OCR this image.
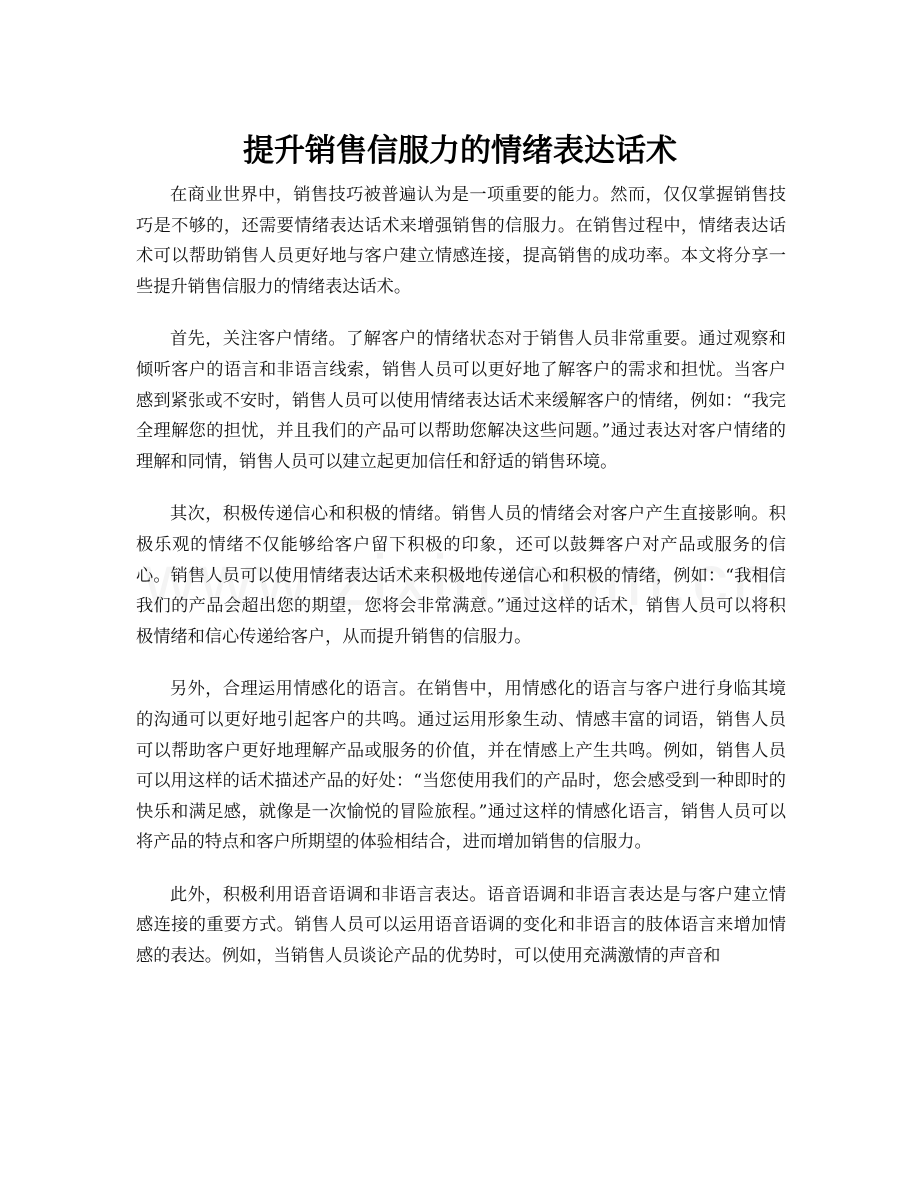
提升销售信服力的情绪表达话术

在商业世界中，销售技巧被普遍认为是一项重要的能力。然而，仅仅掌握销售技巧是不够的，还需要情绪表达话术来增强销售的信服力。在销售过程中，情绪表达话术可以帮助销售人员更好地与客户建立情感连接，提高销售的成功率。本文将分享一些提升销售信服力的情绪表达话术。

首先，关注客户情绪。了解客户的情绪状态对于销售人员非常重要。通过观察和倾听客户的语言和非语言线索，销售人员可以更好地了解客户的需求和担忧。当客户感到紧张或不安时，销售人员可以使用情绪表达话术来缓解客户的情绪，例如：“我完全理解您的担忧，并且我们的产品可以帮助您解决这些问题。”通过表达对客户情绪的理解和同情，销售人员可以建立起更加信任和舒适的销售环境。

其次，积极传递信心和积极的情绪。销售人员的情绪会对客户产生直接影响。积极乐观的情绪不仅能够给客户留下积极的印象，还可以鼓舞客户对产品或服务的信心。销售人员可以使用情绪表达话术来积极地传递信心和积极的情绪，例如：“我相信我们的产品会超出您的期望，您将会非常满意。”通过这样的话术，销售人员可以将积极情绪和信心传递给客户，从而提升销售的信服力。

另外，合理运用情感化的语言。在销售中，用情感化的语言与客户进行身临其境的沟通可以更好地引起客户的共鸣。通过运用形象生动、情感丰富的词语，销售人员可以帮助客户更好地理解产品或服务的价值，并在情感上产生共鸣。例如，销售人员可以用这样的话术描述产品的好处：“当您使用我们的产品时，您会感受到一种即时的快乐和满足感，就像是一次愉悦的冒险旅程。”通过这样的情感化语言，销售人员可以将产品的特点和客户所期望的体验相结合，进而增加销售的信服力。

此外，积极利用语音语调和非语言表达。语音语调和非语言表达是与客户建立情感连接的重要方式。销售人员可以运用语音语调的变化和非语言的肢体语言来增加情感的表达。例如，当销售人员谈论产品的优势时，可以使用充满激情的声音和
